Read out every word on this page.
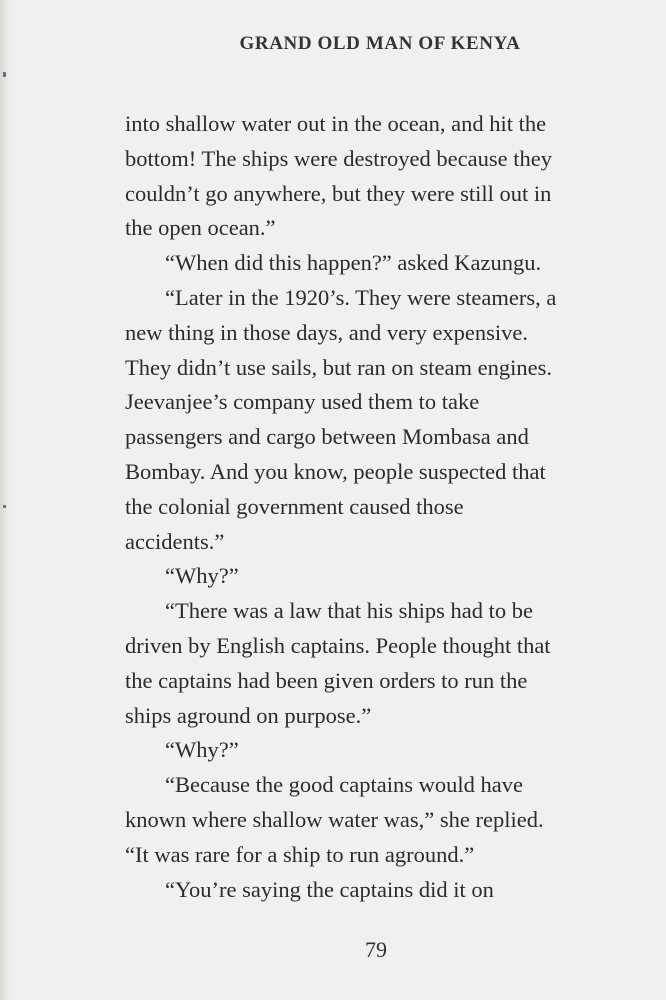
GRAND OLD MAN OF KENYA
into shallow water out in the ocean, and hit the
bottom! The ships were destroyed because they
couldn’t go anywhere, but they were still out in
the open ocean.”
“When did this happen?” asked Kazungu.
“Later in the 1920’s. They were steamers, a
new thing in those days, and very expensive.
They didn’t use sails, but ran on steam engines.
Jeevanjee’s company used them to take
passengers and cargo between Mombasa and
Bombay. And you know, people suspected that
the colonial government caused those
accidents.”
“Why?”
“There was a law that his ships had to be
driven by English captains. People thought that
the captains had been given orders to run the
ships aground on purpose.”
“Why?”
“Because the good captains would have
known where shallow water was,” she replied.
“It was rare for a ship to run aground.”
“You’re saying the captains did it on

79
